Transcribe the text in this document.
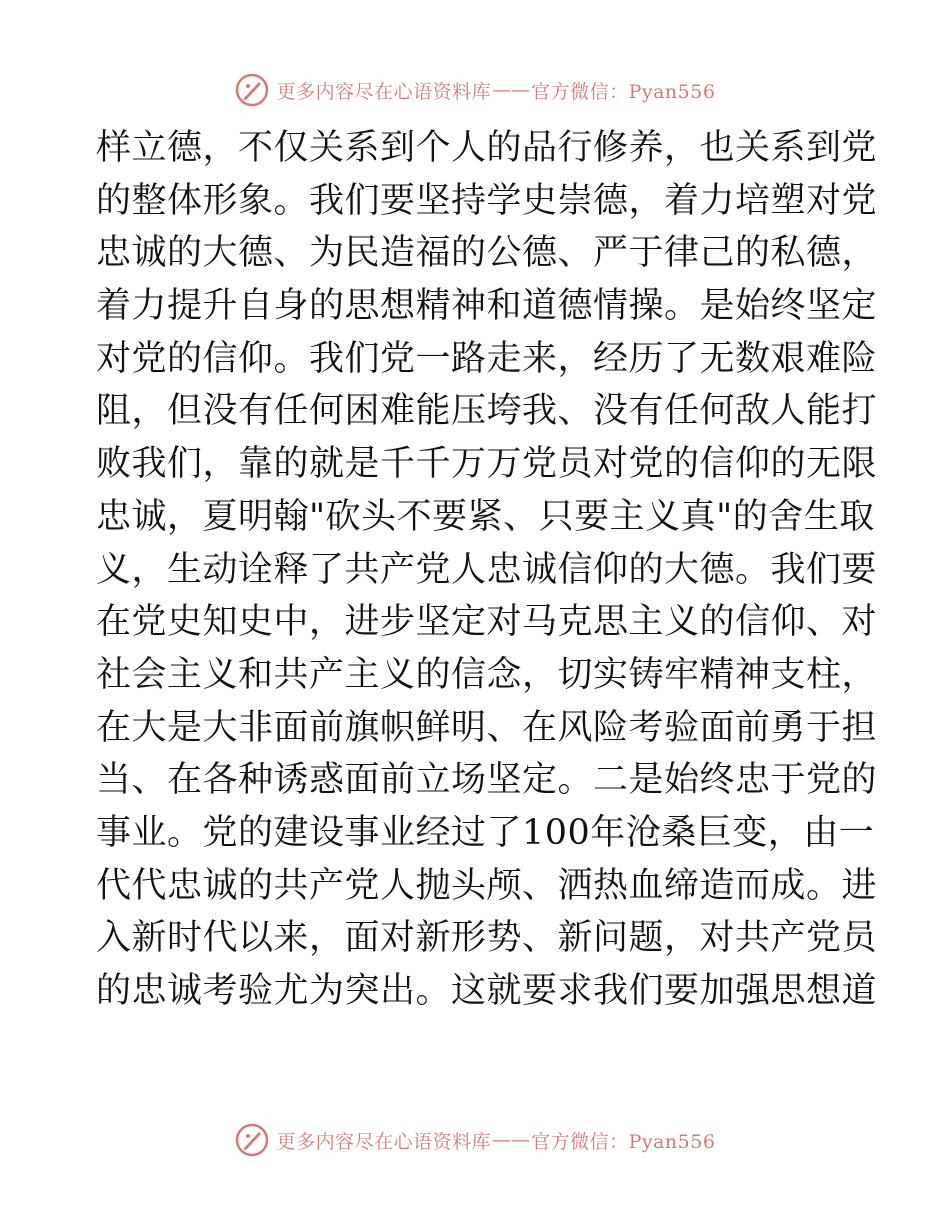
更多内容尽在心语资料库 —— 官方微信：Pyan556
样立德，不仅关系到个人的品行修养，也关系到党
的整体形象。我们要坚持学史崇德，着力培塑对党
忠诚的大德、为民造福的公德、严于律己的私德，
着力提升自身的思想精神和道德情操。是始终坚定
对党的信仰。我们党一路走来，经历了无数艰难险
阻，但没有任何困难能压垮我、没有任何敌人能打
败我们，靠的就是千千万万党员对党的信仰的无限
忠诚，夏明翰"砍头不要紧、只要主义真"的舍生取
义，生动诠释了共产党人忠诚信仰的大德。我们要
在党史知史中，进步坚定对马克思主义的信仰、对
社会主义和共产主义的信念，切实铸牢精神支柱，
在大是大非面前旗帜鲜明、在风险考验面前勇于担
当、在各种诱惑面前立场坚定。二是始终忠于党的
事业。党的建设事业经过了100年沧桑巨变，由一
代代忠诚的共产党人抛头颅、洒热血缔造而成。进
入新时代以来，面对新形势、新问题，对共产党员
的忠诚考验尤为突出。这就要求我们要加强思想道
更多内容尽在心语资料库 —— 官方微信：Pyan556
